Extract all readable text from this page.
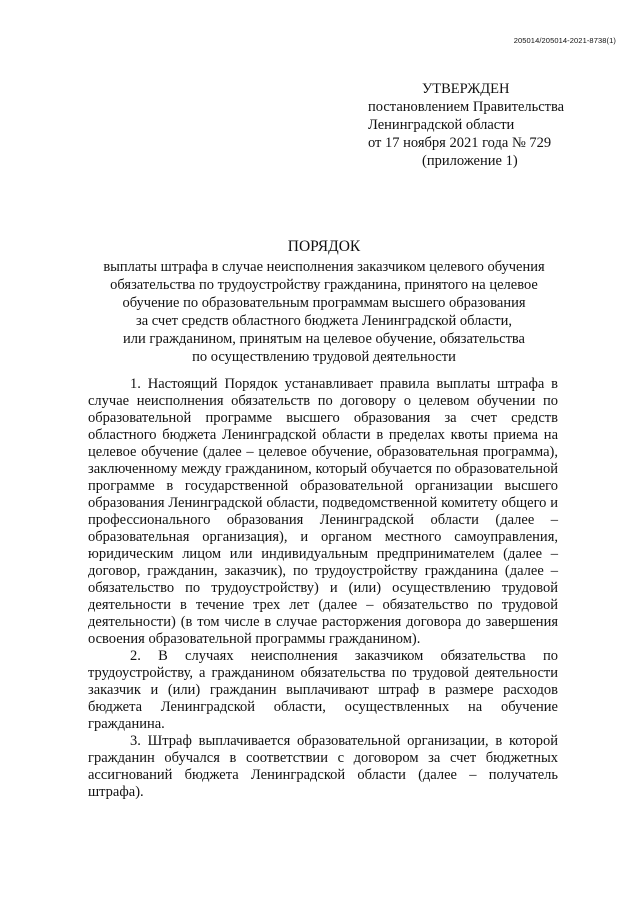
205014/205014-2021-8738(1)
УТВЕРЖДЕН
постановлением Правительства
Ленинградской области
от 17 ноября 2021 года № 729
(приложение 1)
ПОРЯДОК
выплаты штрафа в случае неисполнения заказчиком целевого обучения
обязательства по трудоустройству гражданина, принятого на целевое
обучение по образовательным программам высшего образования
за счет средств областного бюджета Ленинградской области,
или гражданином, принятым на целевое обучение, обязательства
по осуществлению трудовой деятельности

1. Настоящий Порядок устанавливает правила выплаты штрафа в случае неисполнения обязательств по договору о целевом обучении по образовательной программе высшего образования за счет средств областного бюджета Ленинградской области в пределах квоты приема на целевое обучение (далее – целевое обучение, образовательная программа), заключенному между гражданином, который обучается по образовательной программе в государственной образовательной организации высшего образования Ленинградской области, подведомственной комитету общего и профессионального образования Ленинградской области (далее – образовательная организация), и органом местного самоуправления, юридическим лицом или индивидуальным предпринимателем (далее – договор, гражданин, заказчик), по трудоустройству гражданина (далее – обязательство по трудоустройству) и (или) осуществлению трудовой деятельности в течение трех лет (далее – обязательство по трудовой деятельности) (в том числе в случае расторжения договора до завершения освоения образовательной программы гражданином).

2. В случаях неисполнения заказчиком обязательства по трудоустройству, а гражданином обязательства по трудовой деятельности заказчик и (или) гражданин выплачивают штраф в размере расходов бюджета Ленинградской области, осуществленных на обучение гражданина.

3. Штраф выплачивается образовательной организации, в которой гражданин обучался в соответствии с договором за счет бюджетных ассигнований бюджета Ленинградской области (далее – получатель штрафа).
